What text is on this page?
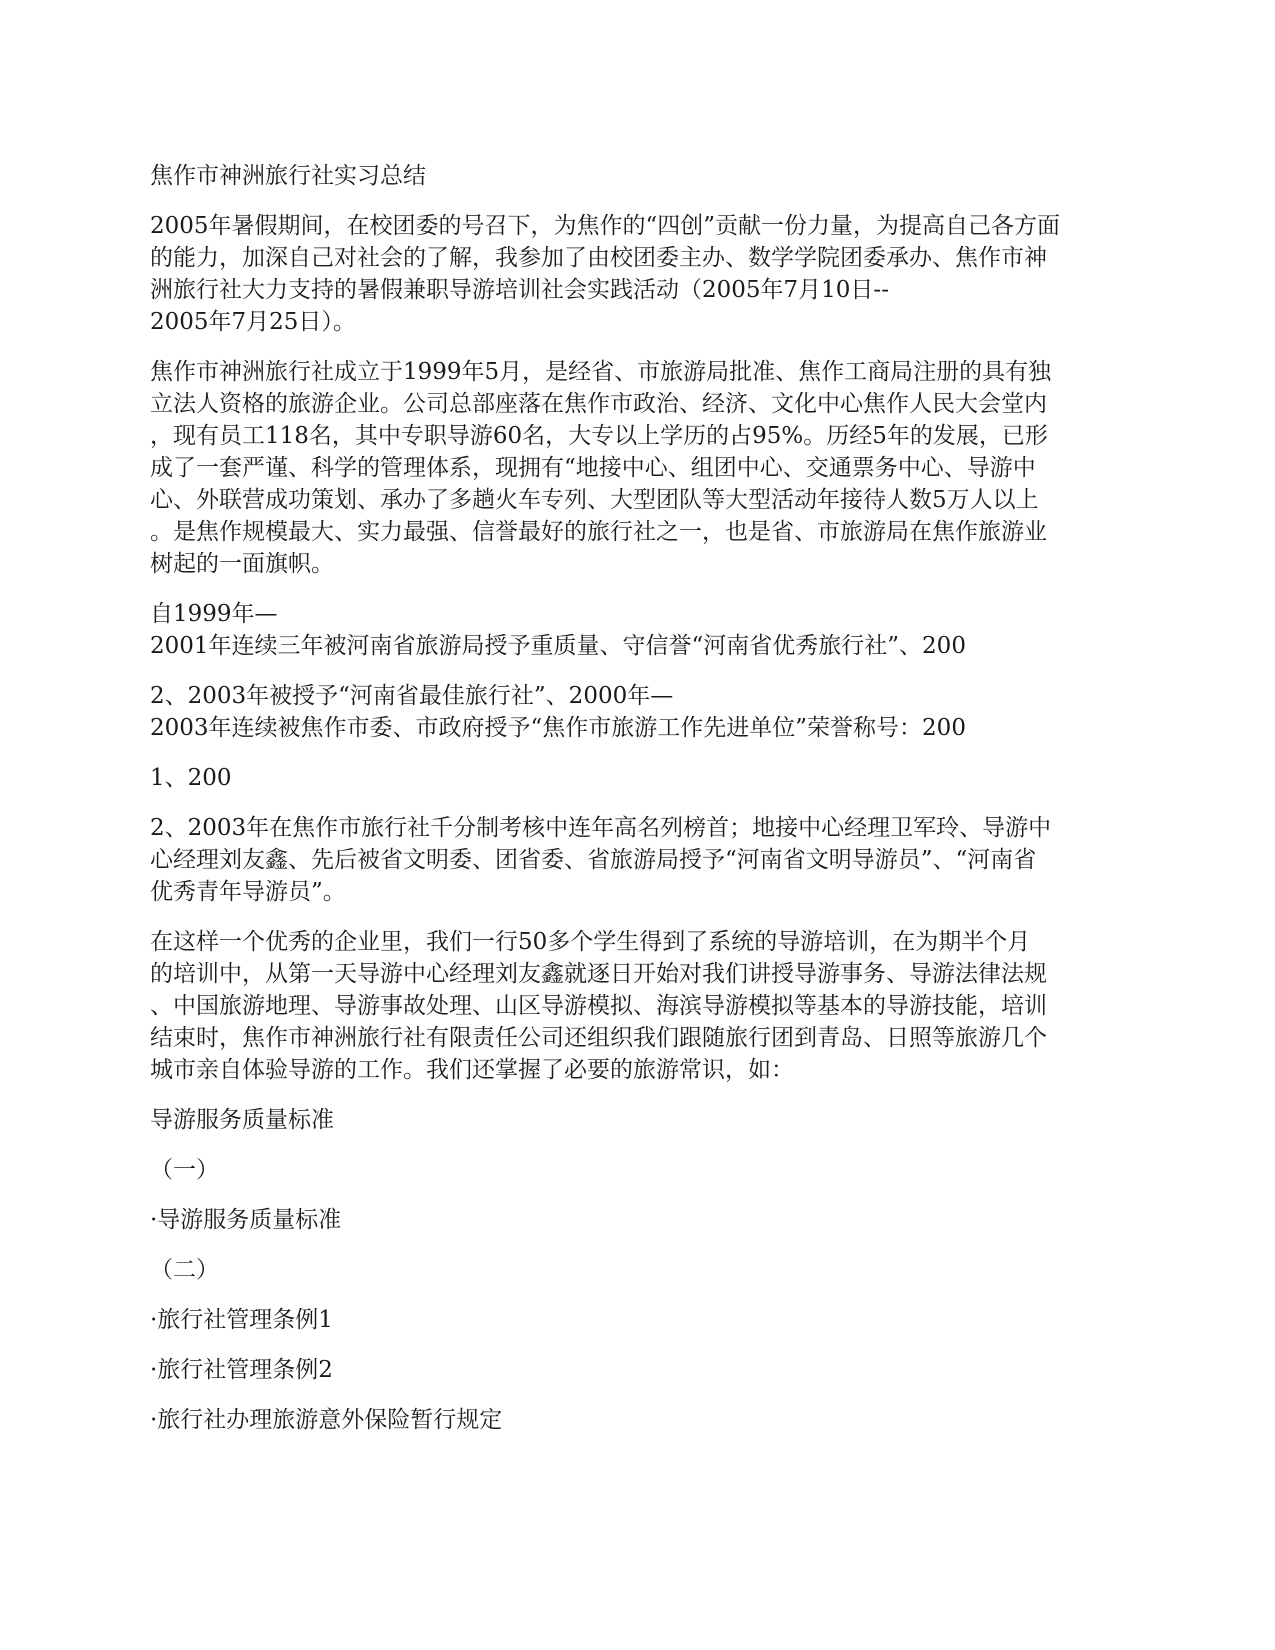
焦作市神洲旅行社实习总结

2005年暑假期间，在校团委的号召下，为焦作的“四创”贡献一份力量，为提高自己各方面
的能力，加深自己对社会的了解，我参加了由校团委主办、数学学院团委承办、焦作市神
洲旅行社大力支持的暑假兼职导游培训社会实践活动（2005年7月10日--
2005年7月25日）。

焦作市神洲旅行社成立于1999年5月，是经省、市旅游局批准、焦作工商局注册的具有独
立法人资格的旅游企业。公司总部座落在焦作市政治、经济、文化中心焦作人民大会堂内
，现有员工118名，其中专职导游60名，大专以上学历的占95%。历经5年的发展，已形
成了一套严谨、科学的管理体系，现拥有“地接中心、组团中心、交通票务中心、导游中
心、外联营成功策划、承办了多趟火车专列、大型团队等大型活动年接待人数5万人以上
。是焦作规模最大、实力最强、信誉最好的旅行社之一，也是省、市旅游局在焦作旅游业
树起的一面旗帜。

自1999年—
2001年连续三年被河南省旅游局授予重质量、守信誉“河南省优秀旅行社”、200

2、2003年被授予“河南省最佳旅行社”、2000年—
2003年连续被焦作市委、市政府授予“焦作市旅游工作先进单位”荣誉称号：200

1、200

2、2003年在焦作市旅行社千分制考核中连年高名列榜首；地接中心经理卫军玲、导游中
心经理刘友鑫、先后被省文明委、团省委、省旅游局授予“河南省文明导游员”、“河南省
优秀青年导游员”。

在这样一个优秀的企业里，我们一行50多个学生得到了系统的导游培训，在为期半个月
的培训中，从第一天导游中心经理刘友鑫就逐日开始对我们讲授导游事务、导游法律法规
、中国旅游地理、导游事故处理、山区导游模拟、海滨导游模拟等基本的导游技能，培训
结束时，焦作市神洲旅行社有限责任公司还组织我们跟随旅行团到青岛、日照等旅游几个
城市亲自体验导游的工作。我们还掌握了必要的旅游常识，如：

导游服务质量标准

（一）

·导游服务质量标准

（二）

·旅行社管理条例1

·旅行社管理条例2

·旅行社办理旅游意外保险暂行规定
